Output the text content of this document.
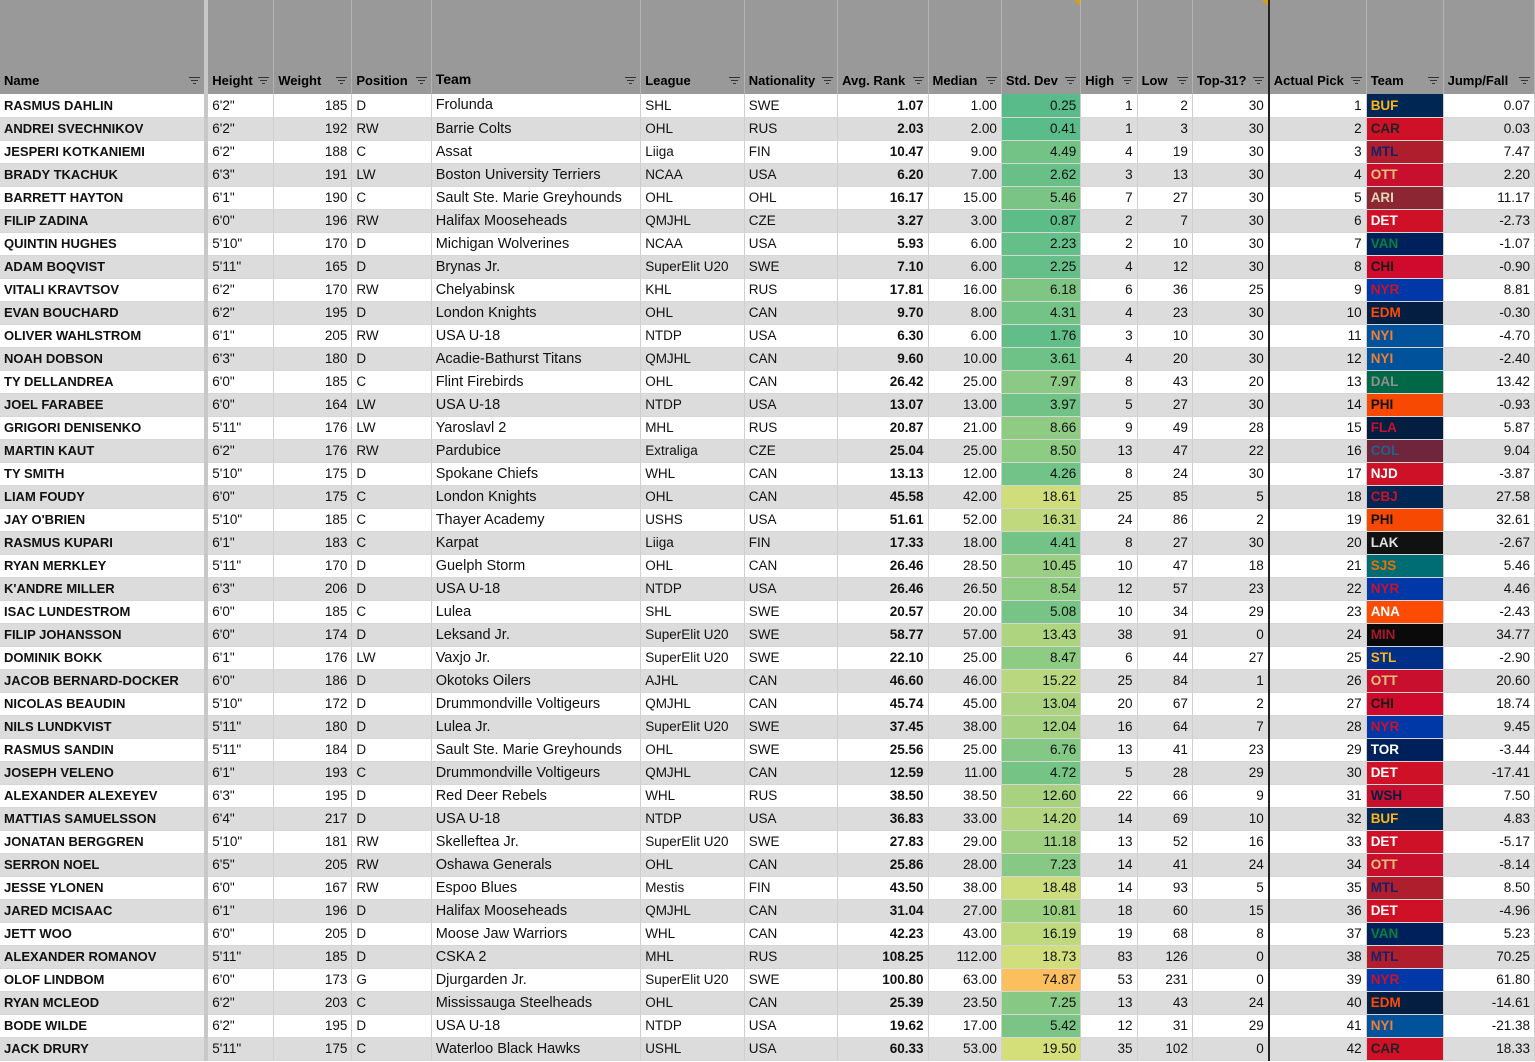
Name	Height	Weight	Position	Team	League	Nationality	Avg. Rank	Median	Std. Dev	High	Low	Top-31?	Actual Pick	Team	Jump/Fall

RASMUS DAHLIN	6'2"	185	D	Frolunda	SHL	SWE	1.07	1.00	0.25	1	2	30	1	BUF	0.07
ANDREI SVECHNIKOV	6'2"	192	RW	Barrie Colts	OHL	RUS	2.03	2.00	0.41	1	3	30	2	CAR	0.03
JESPERI KOTKANIEMI	6'2"	188	C	Assat	Liiga	FIN	10.47	9.00	4.49	4	19	30	3	MTL	7.47
BRADY TKACHUK	6'3"	191	LW	Boston University Terriers	NCAA	USA	6.20	7.00	2.62	3	13	30	4	OTT	2.20
BARRETT HAYTON	6'1"	190	C	Sault Ste. Marie Greyhounds	OHL	OHL	16.17	15.00	5.46	7	27	30	5	ARI	11.17
FILIP ZADINA	6'0"	196	RW	Halifax Mooseheads	QMJHL	CZE	3.27	3.00	0.87	2	7	30	6	DET	-2.73
QUINTIN HUGHES	5'10"	170	D	Michigan Wolverines	NCAA	USA	5.93	6.00	2.23	2	10	30	7	VAN	-1.07
ADAM BOQVIST	5'11"	165	D	Brynas Jr.	SuperElit U20	SWE	7.10	6.00	2.25	4	12	30	8	CHI	-0.90
VITALI KRAVTSOV	6'2"	170	RW	Chelyabinsk	KHL	RUS	17.81	16.00	6.18	6	36	25	9	NYR	8.81
EVAN BOUCHARD	6'2"	195	D	London Knights	OHL	CAN	9.70	8.00	4.31	4	23	30	10	EDM	-0.30
OLIVER WAHLSTROM	6'1"	205	RW	USA U-18	NTDP	USA	6.30	6.00	1.76	3	10	30	11	NYI	-4.70
NOAH DOBSON	6'3"	180	D	Acadie-Bathurst Titans	QMJHL	CAN	9.60	10.00	3.61	4	20	30	12	NYI	-2.40
TY DELLANDREA	6'0"	185	C	Flint Firebirds	OHL	CAN	26.42	25.00	7.97	8	43	20	13	DAL	13.42
JOEL FARABEE	6'0"	164	LW	USA U-18	NTDP	USA	13.07	13.00	3.97	5	27	30	14	PHI	-0.93
GRIGORI DENISENKO	5'11"	176	LW	Yaroslavl 2	MHL	RUS	20.87	21.00	8.66	9	49	28	15	FLA	5.87
MARTIN KAUT	6'2"	176	RW	Pardubice	Extraliga	CZE	25.04	25.00	8.50	13	47	22	16	COL	9.04
TY SMITH	5'10"	175	D	Spokane Chiefs	WHL	CAN	13.13	12.00	4.26	8	24	30	17	NJD	-3.87
LIAM FOUDY	6'0"	175	C	London Knights	OHL	CAN	45.58	42.00	18.61	25	85	5	18	CBJ	27.58
JAY O'BRIEN	5'10"	185	C	Thayer Academy	USHS	USA	51.61	52.00	16.31	24	86	2	19	PHI	32.61
RASMUS KUPARI	6'1"	183	C	Karpat	Liiga	FIN	17.33	18.00	4.41	8	27	30	20	LAK	-2.67
RYAN MERKLEY	5'11"	170	D	Guelph Storm	OHL	CAN	26.46	28.50	10.45	10	47	18	21	SJS	5.46
K'ANDRE MILLER	6'3"	206	D	USA U-18	NTDP	USA	26.46	26.50	8.54	12	57	23	22	NYR	4.46
ISAC LUNDESTROM	6'0"	185	C	Lulea	SHL	SWE	20.57	20.00	5.08	10	34	29	23	ANA	-2.43
FILIP JOHANSSON	6'0"	174	D	Leksand Jr.	SuperElit U20	SWE	58.77	57.00	13.43	38	91	0	24	MIN	34.77
DOMINIK BOKK	6'1"	176	LW	Vaxjo Jr.	SuperElit U20	SWE	22.10	25.00	8.47	6	44	27	25	STL	-2.90
JACOB BERNARD-DOCKER	6'0"	186	D	Okotoks Oilers	AJHL	CAN	46.60	46.00	15.22	25	84	1	26	OTT	20.60
NICOLAS BEAUDIN	5'10"	172	D	Drummondville Voltigeurs	QMJHL	CAN	45.74	45.00	13.04	20	67	2	27	CHI	18.74
NILS LUNDKVIST	5'11"	180	D	Lulea Jr.	SuperElit U20	SWE	37.45	38.00	12.04	16	64	7	28	NYR	9.45
RASMUS SANDIN	5'11"	184	D	Sault Ste. Marie Greyhounds	OHL	SWE	25.56	25.00	6.76	13	41	23	29	TOR	-3.44
JOSEPH VELENO	6'1"	193	C	Drummondville Voltigeurs	QMJHL	CAN	12.59	11.00	4.72	5	28	29	30	DET	-17.41
ALEXANDER ALEXEYEV	6'3"	195	D	Red Deer Rebels	WHL	RUS	38.50	38.50	12.60	22	66	9	31	WSH	7.50
MATTIAS SAMUELSSON	6'4"	217	D	USA U-18	NTDP	USA	36.83	33.00	14.20	14	69	10	32	BUF	4.83
JONATAN BERGGREN	5'10"	181	RW	Skelleftea Jr.	SuperElit U20	SWE	27.83	29.00	11.18	13	52	16	33	DET	-5.17
SERRON NOEL	6'5"	205	RW	Oshawa Generals	OHL	CAN	25.86	28.00	7.23	14	41	24	34	OTT	-8.14
JESSE YLONEN	6'0"	167	RW	Espoo Blues	Mestis	FIN	43.50	38.00	18.48	14	93	5	35	MTL	8.50
JARED MCISAAC	6'1"	196	D	Halifax Mooseheads	QMJHL	CAN	31.04	27.00	10.81	18	60	15	36	DET	-4.96
JETT WOO	6'0"	205	D	Moose Jaw Warriors	WHL	CAN	42.23	43.00	16.19	19	68	8	37	VAN	5.23
ALEXANDER ROMANOV	5'11"	185	D	CSKA 2	MHL	RUS	108.25	112.00	18.73	83	126	0	38	MTL	70.25
OLOF LINDBOM	6'0"	173	G	Djurgarden Jr.	SuperElit U20	SWE	100.80	63.00	74.87	53	231	0	39	NYR	61.80
RYAN MCLEOD	6'2"	203	C	Mississauga Steelheads	OHL	CAN	25.39	23.50	7.25	13	43	24	40	EDM	-14.61
BODE WILDE	6'2"	195	D	USA U-18	NTDP	USA	19.62	17.00	5.42	12	31	29	41	NYI	-21.38
JACK DRURY	5'11"	175	C	Waterloo Black Hawks	USHL	USA	60.33	53.00	19.50	35	102	0	42	CAR	18.33
